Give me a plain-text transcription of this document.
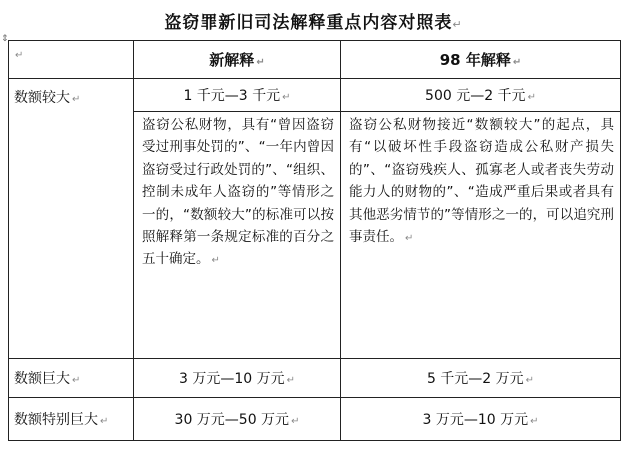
盗窃罪新旧司法解释重点内容对照表↵
⇕
↵	新解释 ↵	98 年解释 ↵
数额较大 ↵	1 千元—3 千元 ↵	500 元—2 千元 ↵
	盗窃公私财物，具有“曾因盗窃受过刑事处罚的”、“一年内曾因盗窃受过行政处罚的”、“组织、控制未成年人盗窃的”等情形之一的，“数额较大”的标准可以按照解释第一条规定标准的百分之五十确定。 ↵	盗窃公私财物接近“数额较大”的起点，具有“以破坏性手段盗窃造成公私财产损失的”、“盗窃残疾人、孤寡老人或者丧失劳动能力人的财物的”、“造成严重后果或者具有其他恶劣情节的”等情形之一的，可以追究刑事责任。 ↵
数额巨大 ↵	3 万元—10 万元 ↵	5 千元—2 万元 ↵
数额特别巨大 ↵	30 万元—50 万元 ↵	3 万元—10 万元 ↵
